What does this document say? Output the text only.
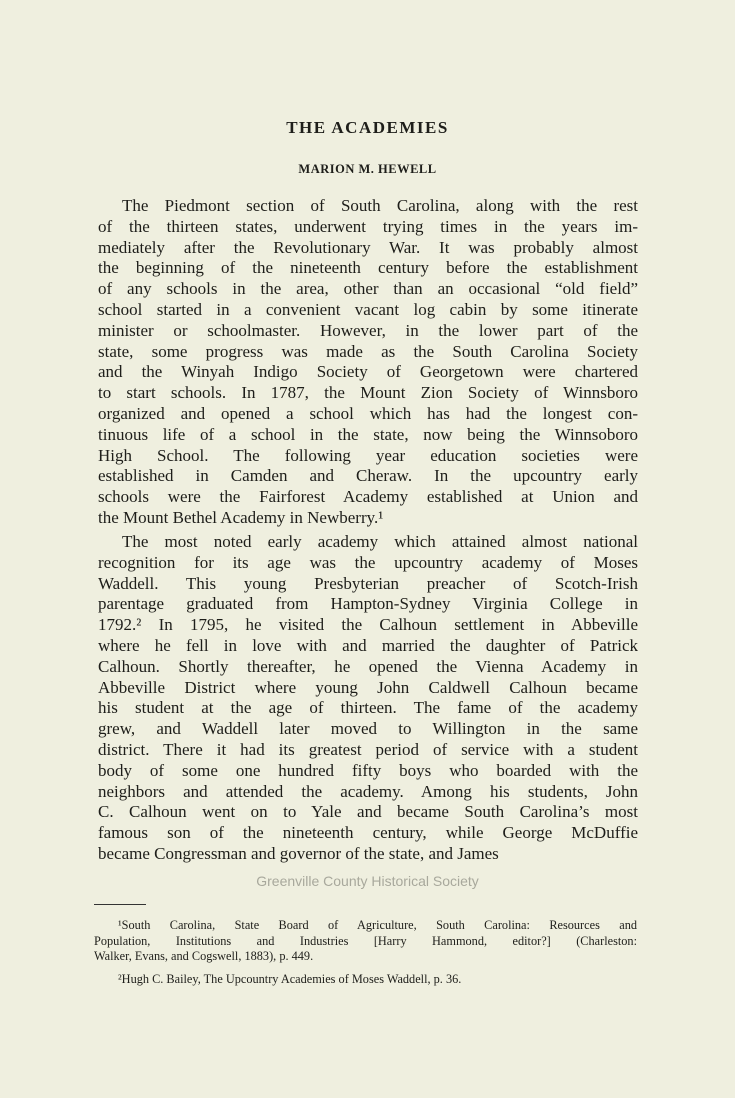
THE ACADEMIES
MARION M. HEWELL
The Piedmont section of South Carolina, along with the rest
of the thirteen states, underwent trying times in the years im-
mediately after the Revolutionary War. It was probably almost
the beginning of the nineteenth century before the establishment
of any schools in the area, other than an occasional “old field”
school started in a convenient vacant log cabin by some itinerate
minister or schoolmaster. However, in the lower part of the
state, some progress was made as the South Carolina Society
and the Winyah Indigo Society of Georgetown were chartered
to start schools. In 1787, the Mount Zion Society of Winnsboro
organized and opened a school which has had the longest con-
tinuous life of a school in the state, now being the Winnsoboro
High School. The following year education societies were
established in Camden and Cheraw. In the upcountry early
schools were the Fairforest Academy established at Union and
the Mount Bethel Academy in Newberry.¹
The most noted early academy which attained almost national
recognition for its age was the upcountry academy of Moses
Waddell. This young Presbyterian preacher of Scotch-Irish
parentage graduated from Hampton-Sydney Virginia College in
1792.² In 1795, he visited the Calhoun settlement in Abbeville
where he fell in love with and married the daughter of Patrick
Calhoun. Shortly thereafter, he opened the Vienna Academy in
Abbeville District where young John Caldwell Calhoun became
his student at the age of thirteen. The fame of the academy
grew, and Waddell later moved to Willington in the same
district. There it had its greatest period of service with a student
body of some one hundred fifty boys who boarded with the
neighbors and attended the academy. Among his students, John
C. Calhoun went on to Yale and became South Carolina’s most
famous son of the nineteenth century, while George McDuffie
became Congressman and governor of the state, and James
Greenville County Historical Society
¹South Carolina, State Board of Agriculture, South Carolina: Resources and
Population, Institutions and Industries [Harry Hammond, editor?] (Charleston:
Walker, Evans, and Cogswell, 1883), p. 449.
²Hugh C. Bailey, The Upcountry Academies of Moses Waddell, p. 36.
